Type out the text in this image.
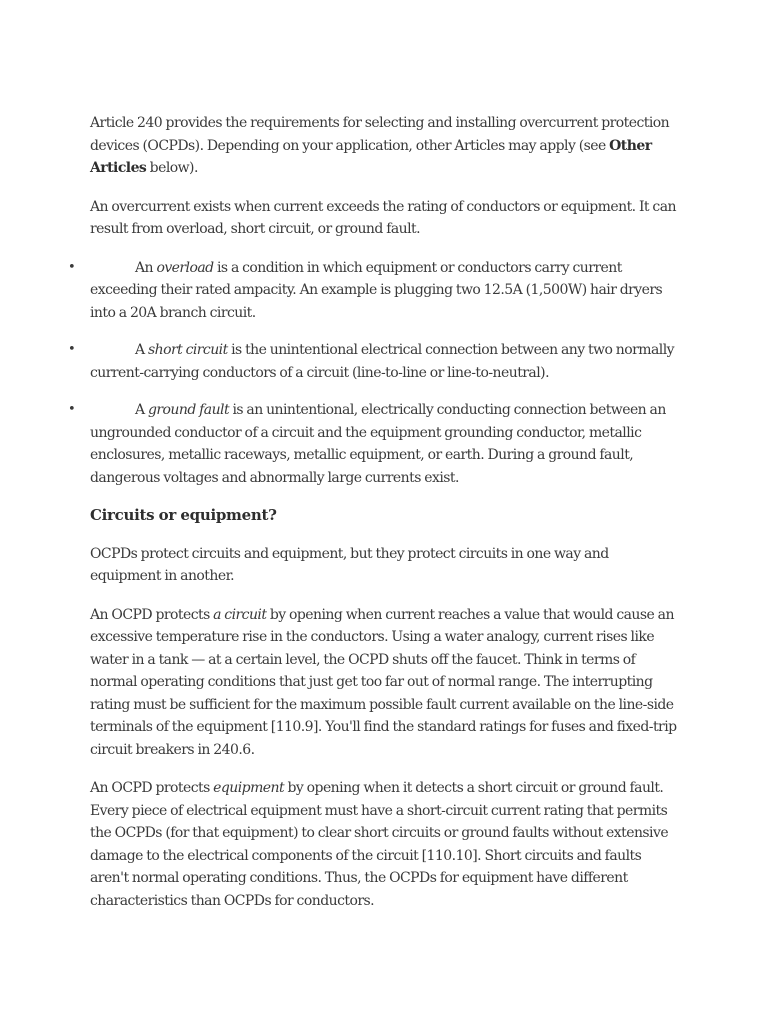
Article 240 provides the requirements for selecting and installing overcurrent protection devices (OCPDs). Depending on your application, other Articles may apply (see Other Articles below).

An overcurrent exists when current exceeds the rating of conductors or equipment. It can result from overload, short circuit, or ground fault.

•	An overload is a condition in which equipment or conductors carry current exceeding their rated ampacity. An example is plugging two 12.5A (1,500W) hair dryers into a 20A branch circuit.
•	A short circuit is the unintentional electrical connection between any two normally current-carrying conductors of a circuit (line-to-line or line-to-neutral).
•	A ground fault is an unintentional, electrically conducting connection between an ungrounded conductor of a circuit and the equipment grounding conductor, metallic enclosures, metallic raceways, metallic equipment, or earth. During a ground fault, dangerous voltages and abnormally large currents exist.
Circuits or equipment?

OCPDs protect circuits and equipment, but they protect circuits in one way and equipment in another.

An OCPD protects a circuit by opening when current reaches a value that would cause an excessive temperature rise in the conductors. Using a water analogy, current rises like water in a tank — at a certain level, the OCPD shuts off the faucet. Think in terms of normal operating conditions that just get too far out of normal range. The interrupting rating must be sufficient for the maximum possible fault current available on the line-side terminals of the equipment [110.9]. You'll find the standard ratings for fuses and fixed-trip circuit breakers in 240.6.

An OCPD protects equipment by opening when it detects a short circuit or ground fault. Every piece of electrical equipment must have a short-circuit current rating that permits the OCPDs (for that equipment) to clear short circuits or ground faults without extensive damage to the electrical components of the circuit [110.10]. Short circuits and faults aren't normal operating conditions. Thus, the OCPDs for equipment have different characteristics than OCPDs for conductors.
